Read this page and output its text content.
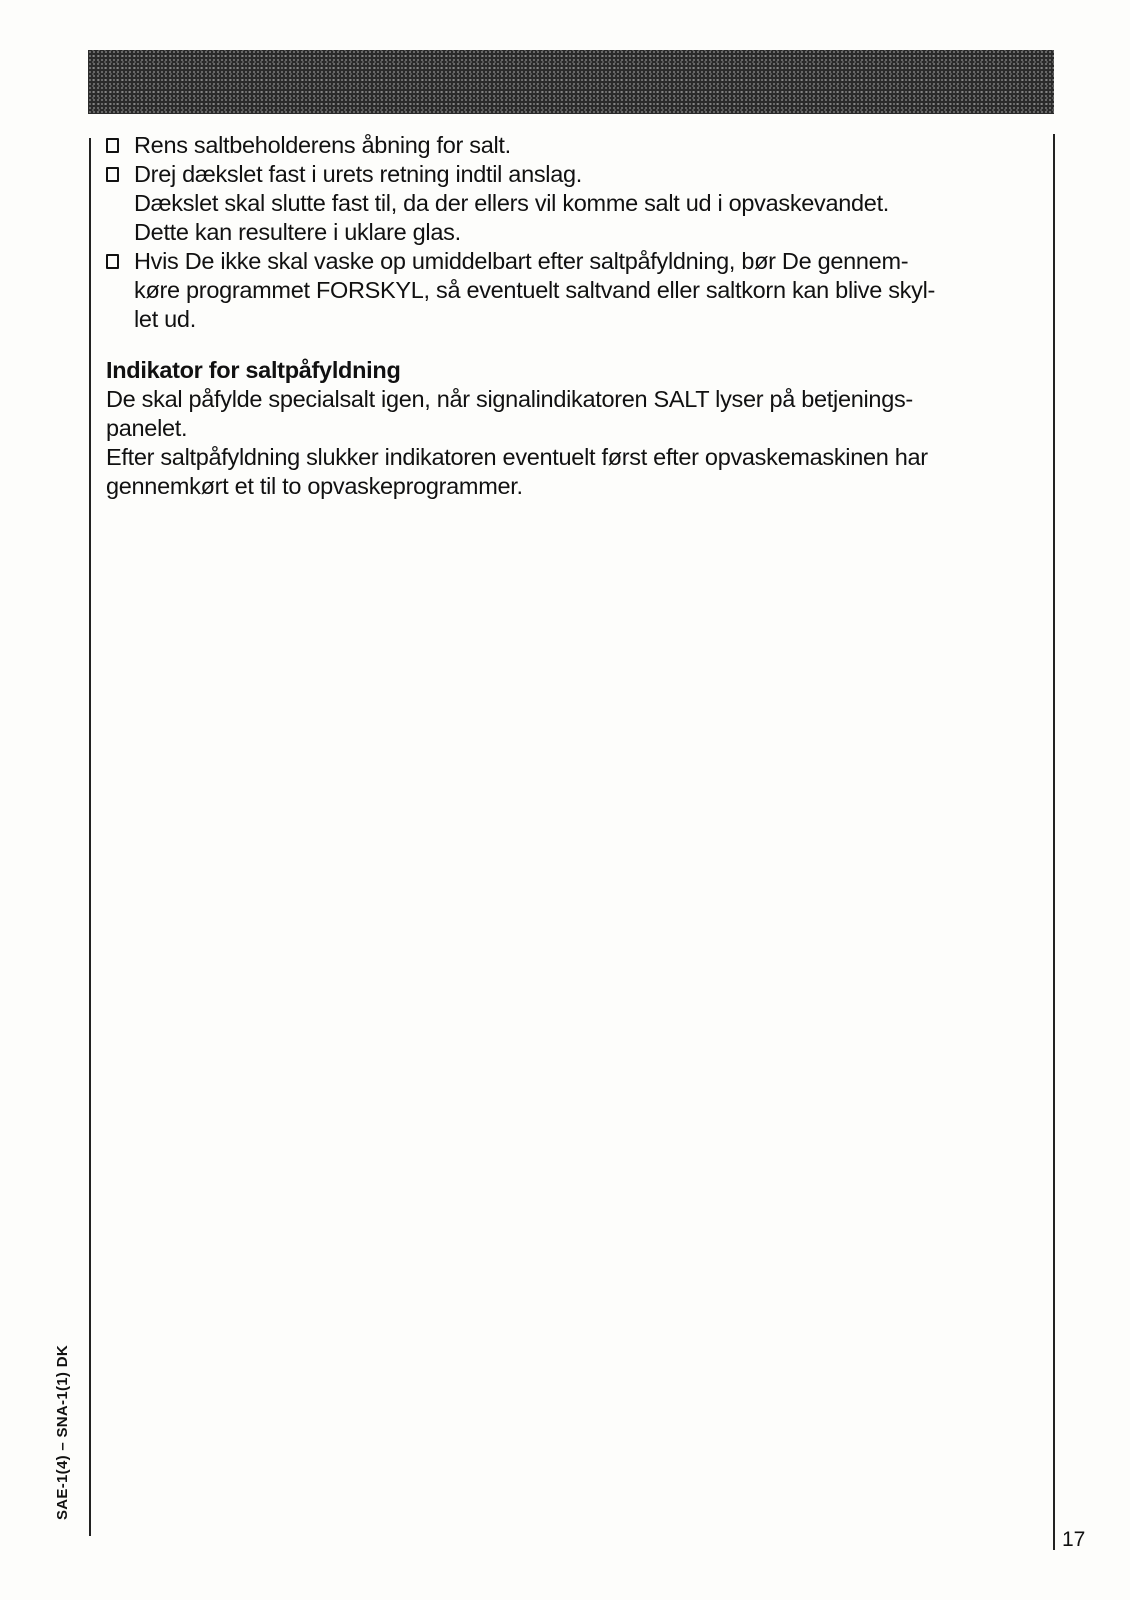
Rens saltbeholderens åbning for salt.
Drej dækslet fast i urets retning indtil anslag.
Dækslet skal slutte fast til, da der ellers vil komme salt ud i opvaskevandet.
Dette kan resultere i uklare glas.
Hvis De ikke skal vaske op umiddelbart efter saltpåfyldning, bør De gennem-
køre programmet FORSKYL, så eventuelt saltvand eller saltkorn kan blive skyl-
let ud.
Indikator for saltpåfyldning
De skal påfylde specialsalt igen, når signalindikatoren SALT lyser på betjenings-
panelet.
Efter saltpåfyldning slukker indikatoren eventuelt først efter opvaskemaskinen har
gennemkørt et til to opvaskeprogrammer.
SAE-1(4) – SNA-1(1) DK
17
